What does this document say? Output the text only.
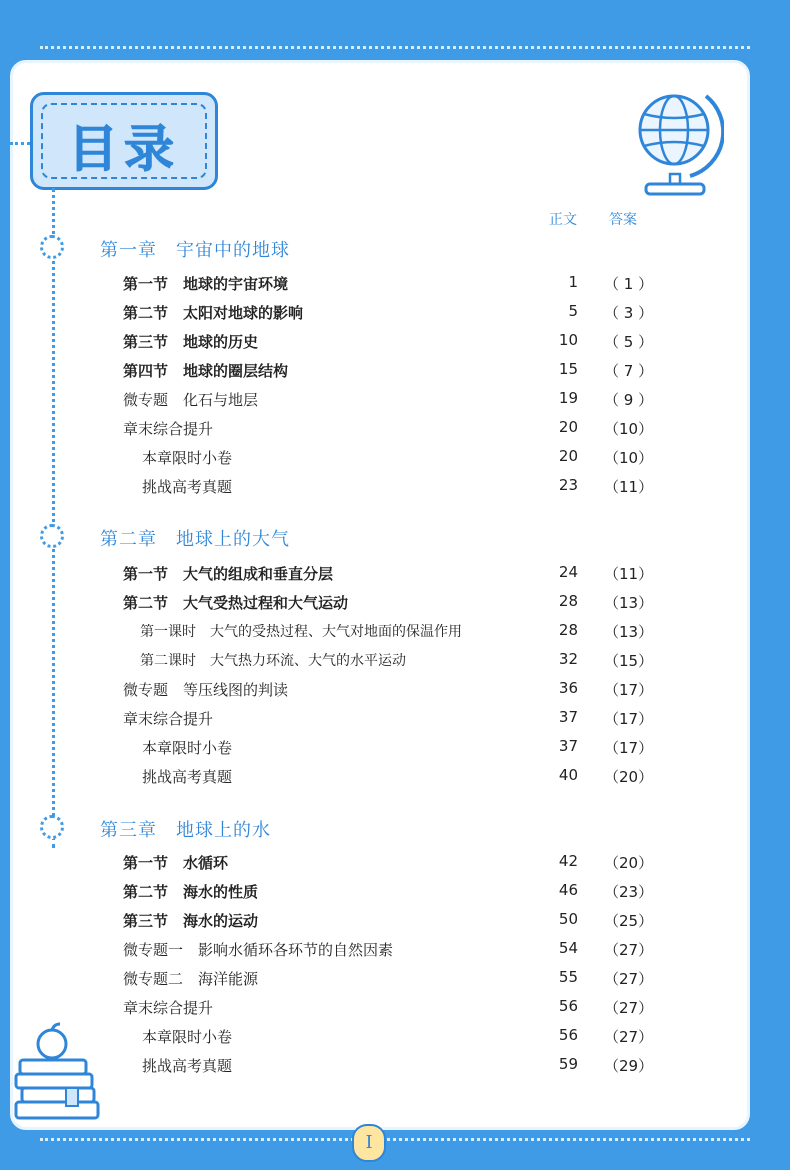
目录
正文 答案
第一章　宇宙中的地球
第一节　地球的宇宙环境	1 （ 1 ）
第二节　太阳对地球的影响	5 （ 3 ）
第三节　地球的历史	10 （ 5 ）
第四节　地球的圈层结构	15 （ 7 ）
微专题　化石与地层	19 （ 9 ）
章末综合提升	20 （10）
本章限时小卷	20 （10）
挑战高考真题	23 （11）
第二章　地球上的大气
第一节　大气的组成和垂直分层	24 （11）
第二节　大气受热过程和大气运动	28 （13）
第一课时　大气的受热过程、大气对地面的保温作用	28 （13）
第二课时　大气热力环流、大气的水平运动	32 （15）
微专题　等压线图的判读	36 （17）
章末综合提升	37 （17）
本章限时小卷	37 （17）
挑战高考真题	40 （20）
第三章　地球上的水
第一节　水循环	42 （20）
第二节　海水的性质	46 （23）
第三节　海水的运动	50 （25）
微专题一　影响水循环各环节的自然因素	54 （27）
微专题二　海洋能源	55 （27）
章末综合提升	56 （27）
本章限时小卷	56 （27）
挑战高考真题	59 （29）
I
